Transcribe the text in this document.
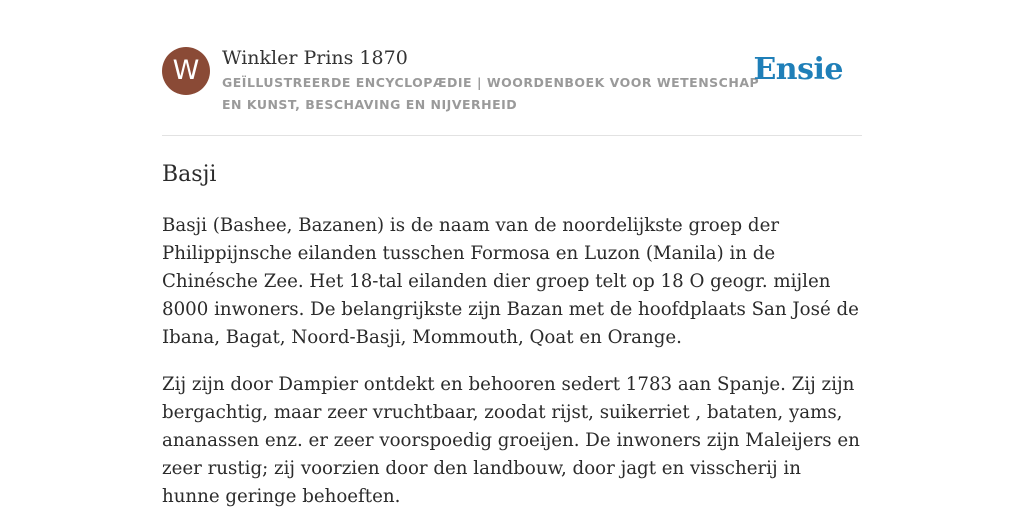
W	Winkler Prins 1870
GEÏLLUSTREERDE ENCYCLOPÆDIE | WOORDENBOEK VOOR WETENSCHAP EN KUNST, BESCHAVING EN NIJVERHEID
Ensie
Basji

Basji (Bashee, Bazanen) is de naam van de noordelijkste groep der Philippijnsche eilanden tusschen Formosa en Luzon (Manila) in de Chinésche Zee. Het 18-tal eilanden dier groep telt op 18 O geogr. mijlen 8000 inwoners. De belangrijkste zijn Bazan met de hoofdplaats San José de Ibana, Bagat, Noord-Basji, Mommouth, Qoat en Orange.

Zij zijn door Dampier ontdekt en behooren sedert 1783 aan Spanje. Zij zijn bergachtig, maar zeer vruchtbaar, zoodat rijst, suikerriet , bataten, yams, ananassen enz. er zeer voorspoedig groeijen. De inwoners zijn Maleijers en zeer rustig; zij voorzien door den landbouw, door jagt en visscherij in hunne geringe behoeften.
